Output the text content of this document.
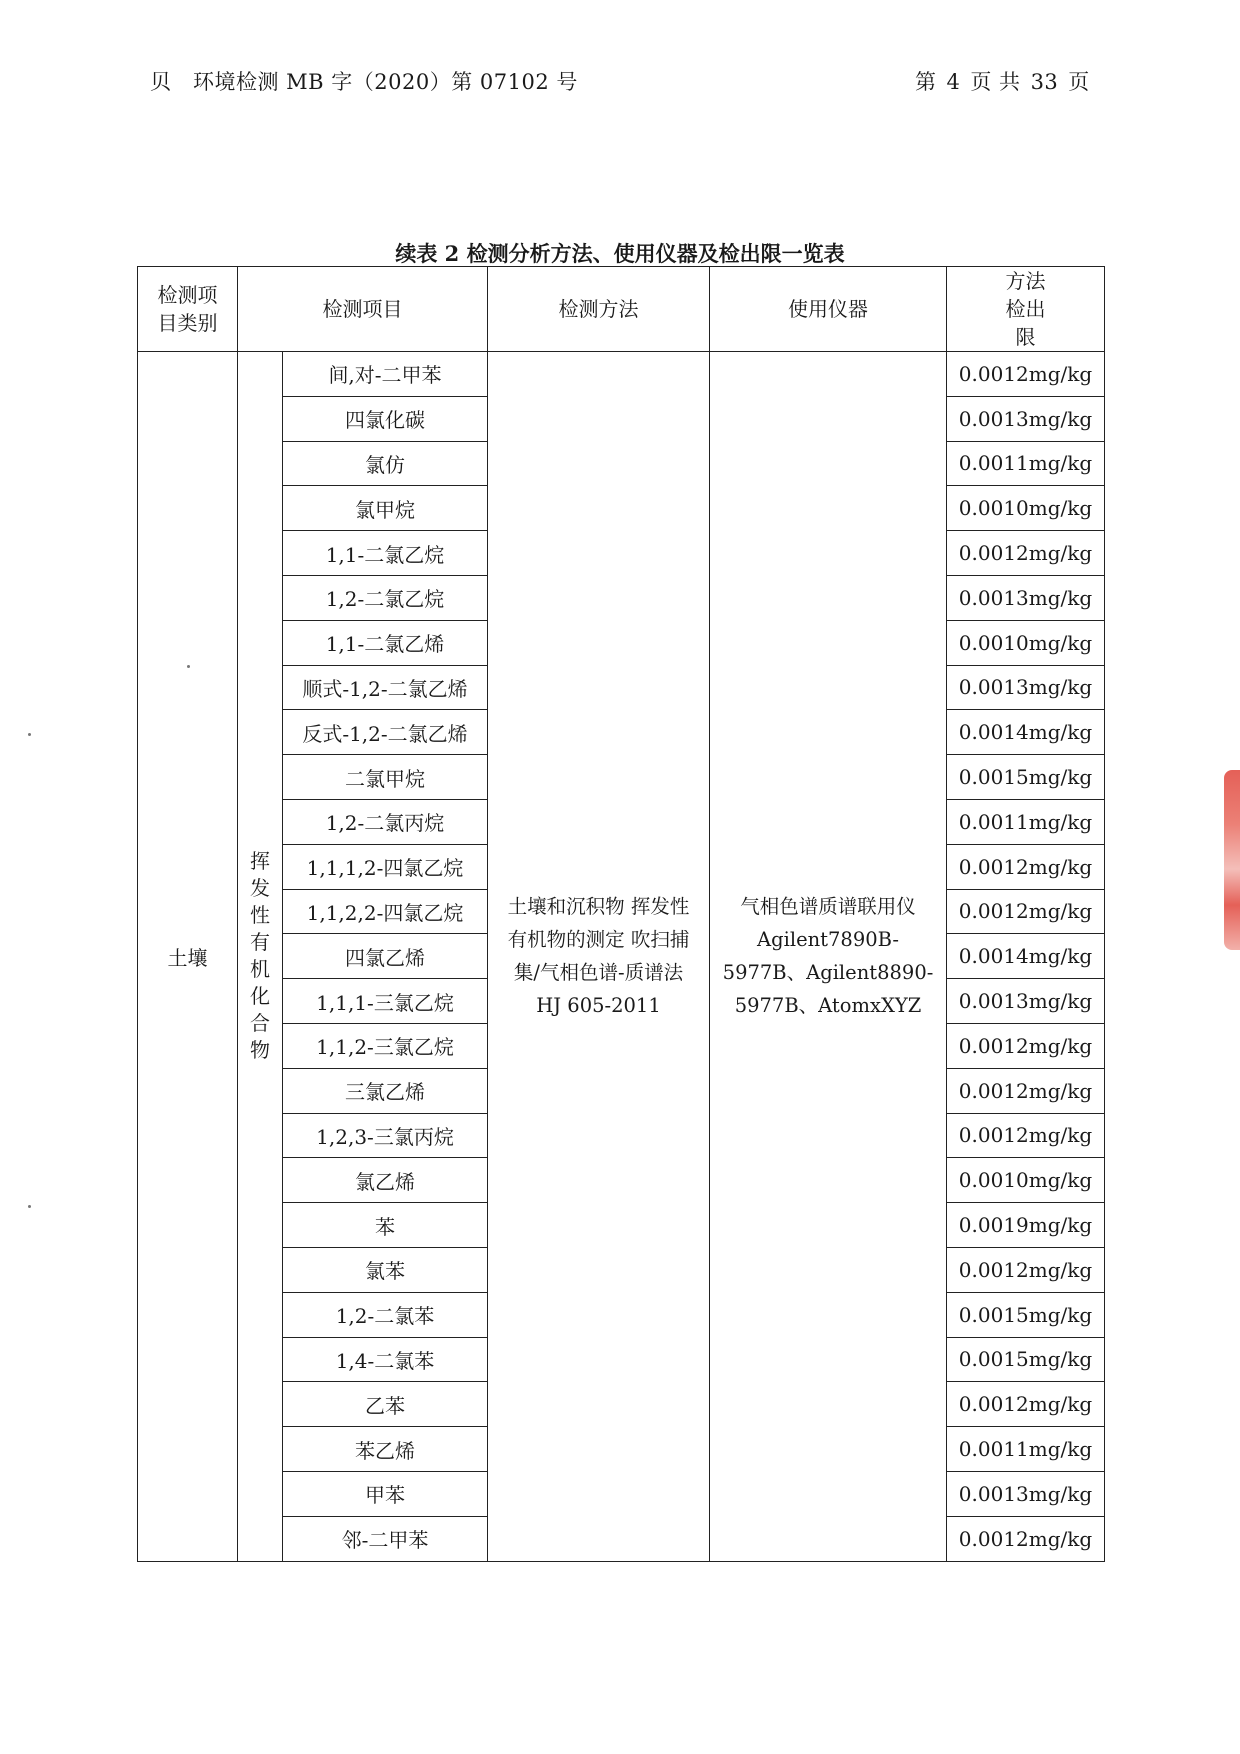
贝　环境检测 MB 字（2020）第 07102 号	第 4 页 共 33 页
续表 2 检测分析方法、使用仪器及检出限一览表
检测项目类别	检测项目		检测方法	使用仪器	方法检出限

土壤	挥发性有机化合物	间,对-二甲苯	土壤和沉积物 挥发性有机物的测定 吹扫捕集/气相色谱-质谱法 HJ 605-2011	气相色谱质谱联用仪 Agilent7890B-5977B、Agilent8890-5977B、AtomxXYZ	0.0012mg/kg
		四氯化碳			0.0013mg/kg
		氯仿			0.0011mg/kg
		氯甲烷			0.0010mg/kg
		1,1-二氯乙烷			0.0012mg/kg
		1,2-二氯乙烷			0.0013mg/kg
		1,1-二氯乙烯			0.0010mg/kg
		顺式-1,2-二氯乙烯			0.0013mg/kg
		反式-1,2-二氯乙烯			0.0014mg/kg
		二氯甲烷			0.0015mg/kg
		1,2-二氯丙烷			0.0011mg/kg
		1,1,1,2-四氯乙烷			0.0012mg/kg
		1,1,2,2-四氯乙烷			0.0012mg/kg
		四氯乙烯			0.0014mg/kg
		1,1,1-三氯乙烷			0.0013mg/kg
		1,1,2-三氯乙烷			0.0012mg/kg
		三氯乙烯			0.0012mg/kg
		1,2,3-三氯丙烷			0.0012mg/kg
		氯乙烯			0.0010mg/kg
		苯			0.0019mg/kg
		氯苯			0.0012mg/kg
		1,2-二氯苯			0.0015mg/kg
		1,4-二氯苯			0.0015mg/kg
		乙苯			0.0012mg/kg
		苯乙烯			0.0011mg/kg
		甲苯			0.0013mg/kg
		邻-二甲苯			0.0012mg/kg
